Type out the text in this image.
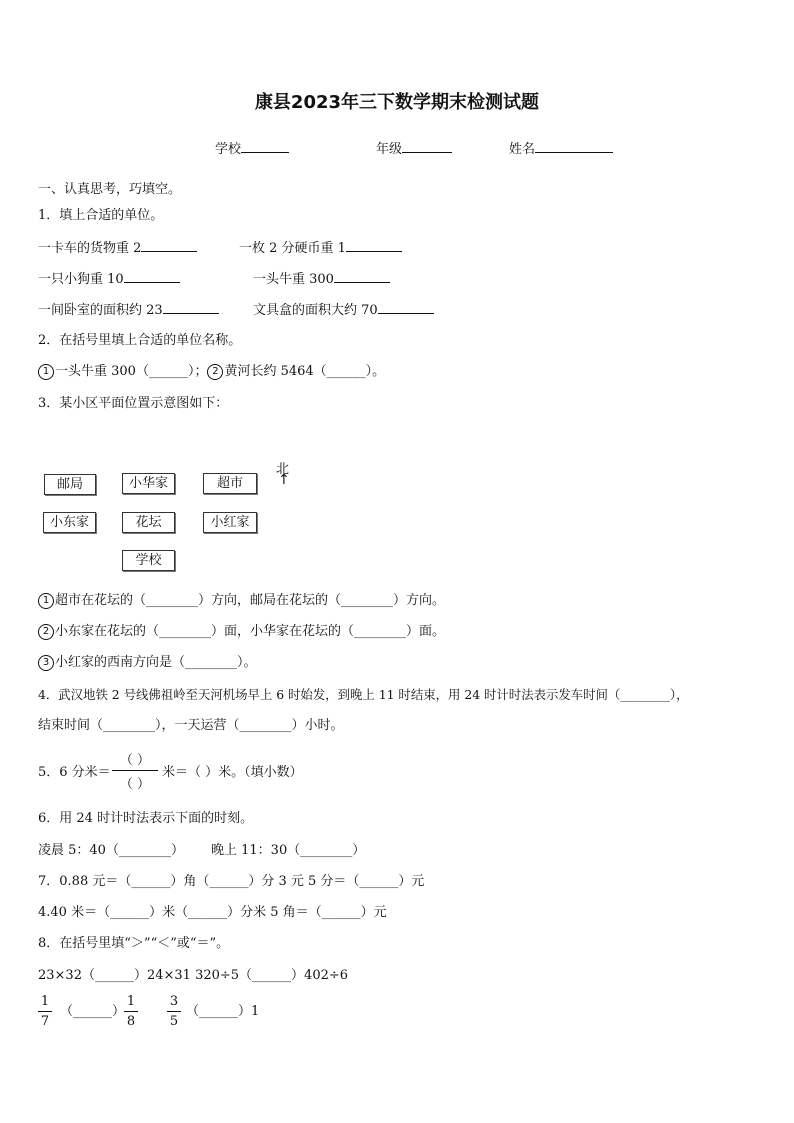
康县2023年三下数学期末检测试题
学校	年级	姓名
一、认真思考，巧填空。
1．填上合适的单位。
一卡车的货物重 2	一枚 2 分硬币重 1
一只小狗重 10	一头牛重 300
一间卧室的面积约 23	文具盒的面积大约 70
2．在括号里填上合适的单位名称。
1 一头牛重 300（______）； 2 黄河长约 5464（______）。
3．某小区平面位置示意图如下：
北
↑
邮局	小华家	超市
小东家	花坛	小红家
学校
1 超市在花坛的（________）方向，邮局在花坛的（________）方向。
2 小东家在花坛的（________）面，小华家在花坛的（________）面。
3 小红家的西南方向是（________）。
4．武汉地铁 2 号线佛祖岭至天河机场早上 6 时始发，到晚上 11 时结束，用 24 时计时法表示发车时间（________），
结束时间（________），一天运营（________）小时。
5．6 分米＝
（ ）
（ ）
米＝（ ）米。（填小数）
6．用 24 时计时法表示下面的时刻。
凌晨 5：40（________） 晚上 11：30（________）
7．0.88 元＝（______）角（______）分 3 元 5 分＝（______）元
4.40 米＝（______）米（______）分米 5 角＝（______）元
8．在括号里填“＞”“＜”或“＝”。
23×32（______）24×31 320÷5（______）402÷6
1
7
（______）
1
8
3
5
（______）1
